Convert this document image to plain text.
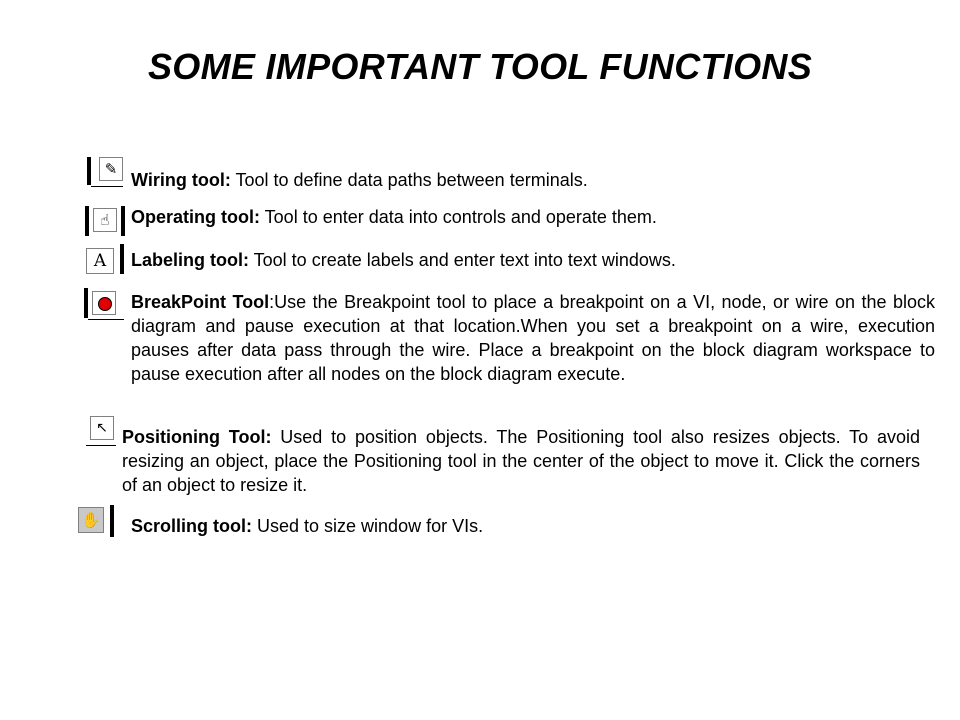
SOME IMPORTANT TOOL FUNCTIONS
✎
Wiring tool: Tool to define data paths between terminals.
☝	Operating tool: Tool to enter data into controls and operate them.
A	Labeling tool: Tool to create labels and enter text into text windows.
BreakPoint Tool:Use the Breakpoint tool to place a breakpoint on a VI, node, or wire on the block diagram and pause execution at that location.When you set a breakpoint on a wire, execution pauses after data pass through the wire. Place a breakpoint on the block diagram workspace to pause execution after all nodes on the block diagram execute.
↖ Positioning Tool: Used to position objects. The Positioning tool also resizes objects. To avoid resizing an object, place the Positioning tool in the center of the object to move it. Click the corners of an object to resize it.
✋ Scrolling tool: Used to size window for VIs.
